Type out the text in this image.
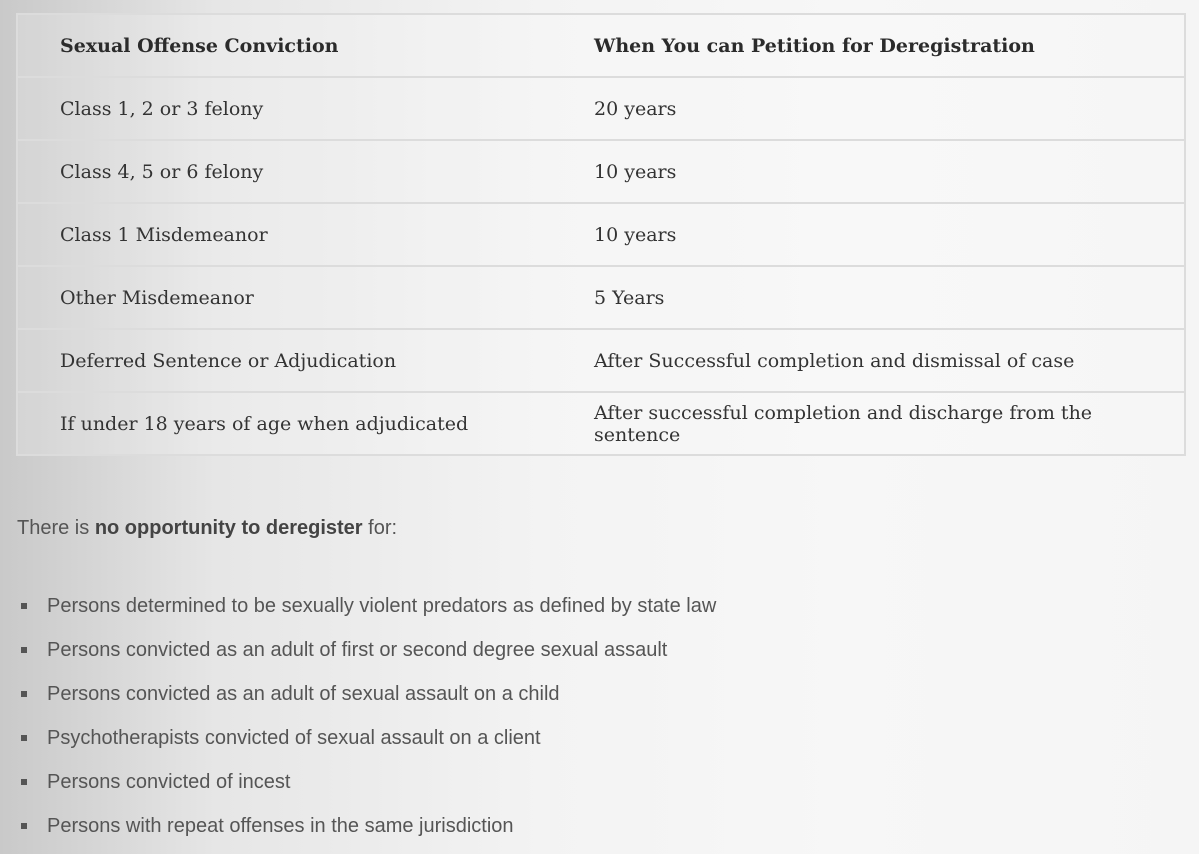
Sexual Offense Conviction	When You can Petition for Deregistration
Class 1, 2 or 3 felony	20 years
Class 4, 5 or 6 felony	10 years
Class 1 Misdemeanor	10 years
Other Misdemeanor	5 Years
Deferred Sentence or Adjudication	After Successful completion and dismissal of case
If under 18 years of age when adjudicated	After successful completion and discharge from the sentence

There is no opportunity to deregister for:

Persons determined to be sexually violent predators as defined by state law
Persons convicted as an adult of first or second degree sexual assault
Persons convicted as an adult of sexual assault on a child
Psychotherapists convicted of sexual assault on a client
Persons convicted of incest
Persons with repeat offenses in the same jurisdiction
